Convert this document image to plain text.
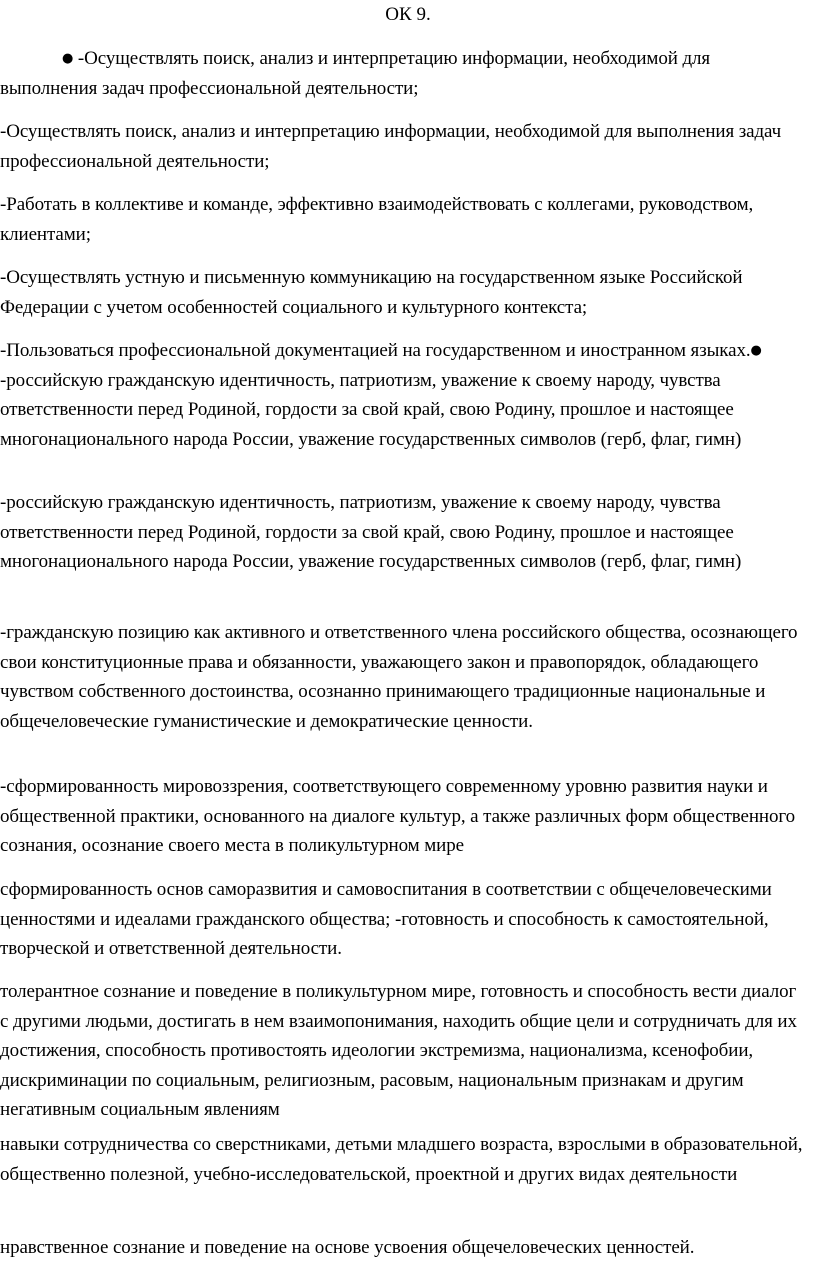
ОК 9.

● -Осуществлять поиск, анализ и интерпретацию информации, необходимой для выполнения задач профессиональной деятельности;

-Осуществлять поиск, анализ и интерпретацию информации, необходимой для выполнения задач профессиональной деятельности;

-Работать в коллективе и команде, эффективно взаимодействовать с коллегами, руководством, клиентами;

-Осуществлять устную и письменную коммуникацию на государственном языке Российской Федерации с учетом особенностей социального и культурного контекста;

-Пользоваться профессиональной документацией на государственном и иностранном языках.● -российскую гражданскую идентичность, патриотизм, уважение к своему народу, чувства ответственности перед Родиной, гордости за свой край, свою Родину, прошлое и настоящее многонационального народа России, уважение государственных символов (герб, флаг, гимн)

-российскую гражданскую идентичность, патриотизм, уважение к своему народу, чувства ответственности перед Родиной, гордости за свой край, свою Родину, прошлое и настоящее многонационального народа России, уважение государственных символов (герб, флаг, гимн)

-гражданскую позицию как активного и ответственного члена российского общества, осознающего свои конституционные права и обязанности, уважающего закон и правопорядок, обладающего чувством собственного достоинства, осознанно принимающего традиционные национальные и общечеловеческие гуманистические и демократические ценности.

-сформированность мировоззрения, соответствующего современному уровню развития науки и общественной практики, основанного на диалоге культур, а также различных форм общественного сознания, осознание своего места в поликультурном мире

сформированность основ саморазвития и самовоспитания в соответствии с общечеловеческими ценностями и идеалами гражданского общества; -готовность и способность к самостоятельной, творческой и ответственной деятельности.

толерантное сознание и поведение в поликультурном мире, готовность и способность вести диалог с другими людьми, достигать в нем взаимопонимания, находить общие цели и сотрудничать для их достижения, способность противостоять идеологии экстремизма, национализма, ксенофобии, дискриминации по социальным, религиозным, расовым, национальным признакам и другим негативным социальным явлениям

навыки сотрудничества со сверстниками, детьми младшего возраста, взрослыми в образовательной, общественно полезной, учебно-исследовательской, проектной и других видах деятельности

нравственное сознание и поведение на основе усвоения общечеловеческих ценностей.
